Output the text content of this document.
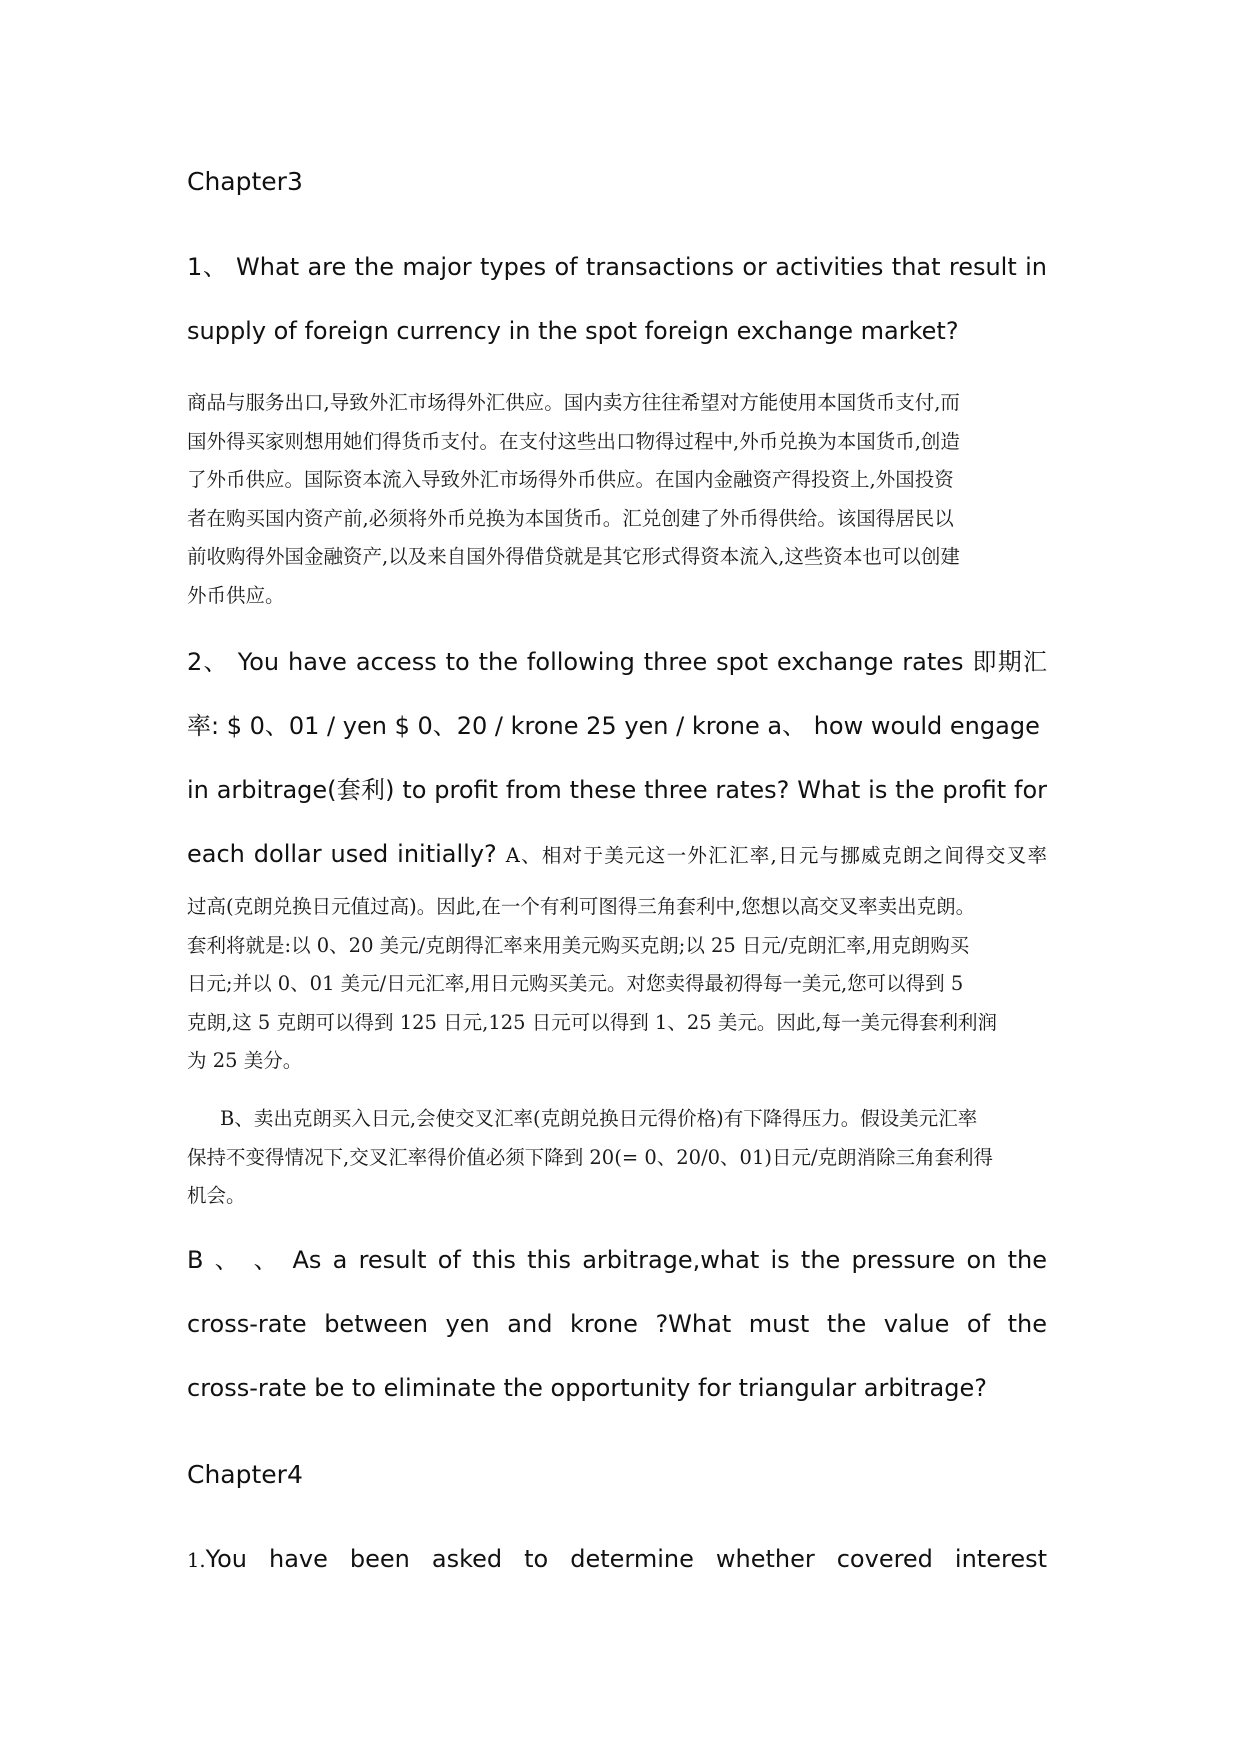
Chapter3
1、 What are the major types of transactions or activities that result in
supply of foreign currency in the spot foreign exchange market?
商品与服务出口,导致外汇市场得外汇供应。国内卖方往往希望对方能使用本国货币支付,而
国外得买家则想用她们得货币支付。在支付这些出口物得过程中,外币兑换为本国货币,创造
了外币供应。国际资本流入导致外汇市场得外币供应。在国内金融资产得投资上,外国投资
者在购买国内资产前,必须将外币兑换为本国货币。汇兑创建了外币得供给。该国得居民以
前收购得外国金融资产,以及来自国外得借贷就是其它形式得资本流入,这些资本也可以创建
外币供应。
2、 You have access to the following three spot exchange rates 即期汇
率: $ 0、01 / yen $ 0、20 / krone 25 yen / krone a、 how would engage
in arbitrage(套利) to profit from these three rates? What is the profit for
each dollar used initially? A、相对于美元这一外汇汇率,日元与挪威克朗之间得交叉率
过高(克朗兑换日元值过高)。因此,在一个有利可图得三角套利中,您想以高交叉率卖出克朗。
套利将就是:以 0、20 美元/克朗得汇率来用美元购买克朗;以 25 日元/克朗汇率,用克朗购买
日元;并以 0、01 美元/日元汇率,用日元购买美元。对您卖得最初得每一美元,您可以得到 5
克朗,这 5 克朗可以得到 125 日元,125 日元可以得到 1、25 美元。因此,每一美元得套利利润
为 25 美分。
B、卖出克朗买入日元,会使交叉汇率(克朗兑换日元得价格)有下降得压力。假设美元汇率
保持不变得情况下,交叉汇率得价值必须下降到 20(= 0、20/0、01)日元/克朗消除三角套利得
机会。
B 、 、 As a result of this this arbitrage,what is the pressure on the
cross-rate between yen and krone ?What must the value of the
cross-rate be to eliminate the opportunity for triangular arbitrage?
Chapter4
1.You have been asked to determine whether covered interest
